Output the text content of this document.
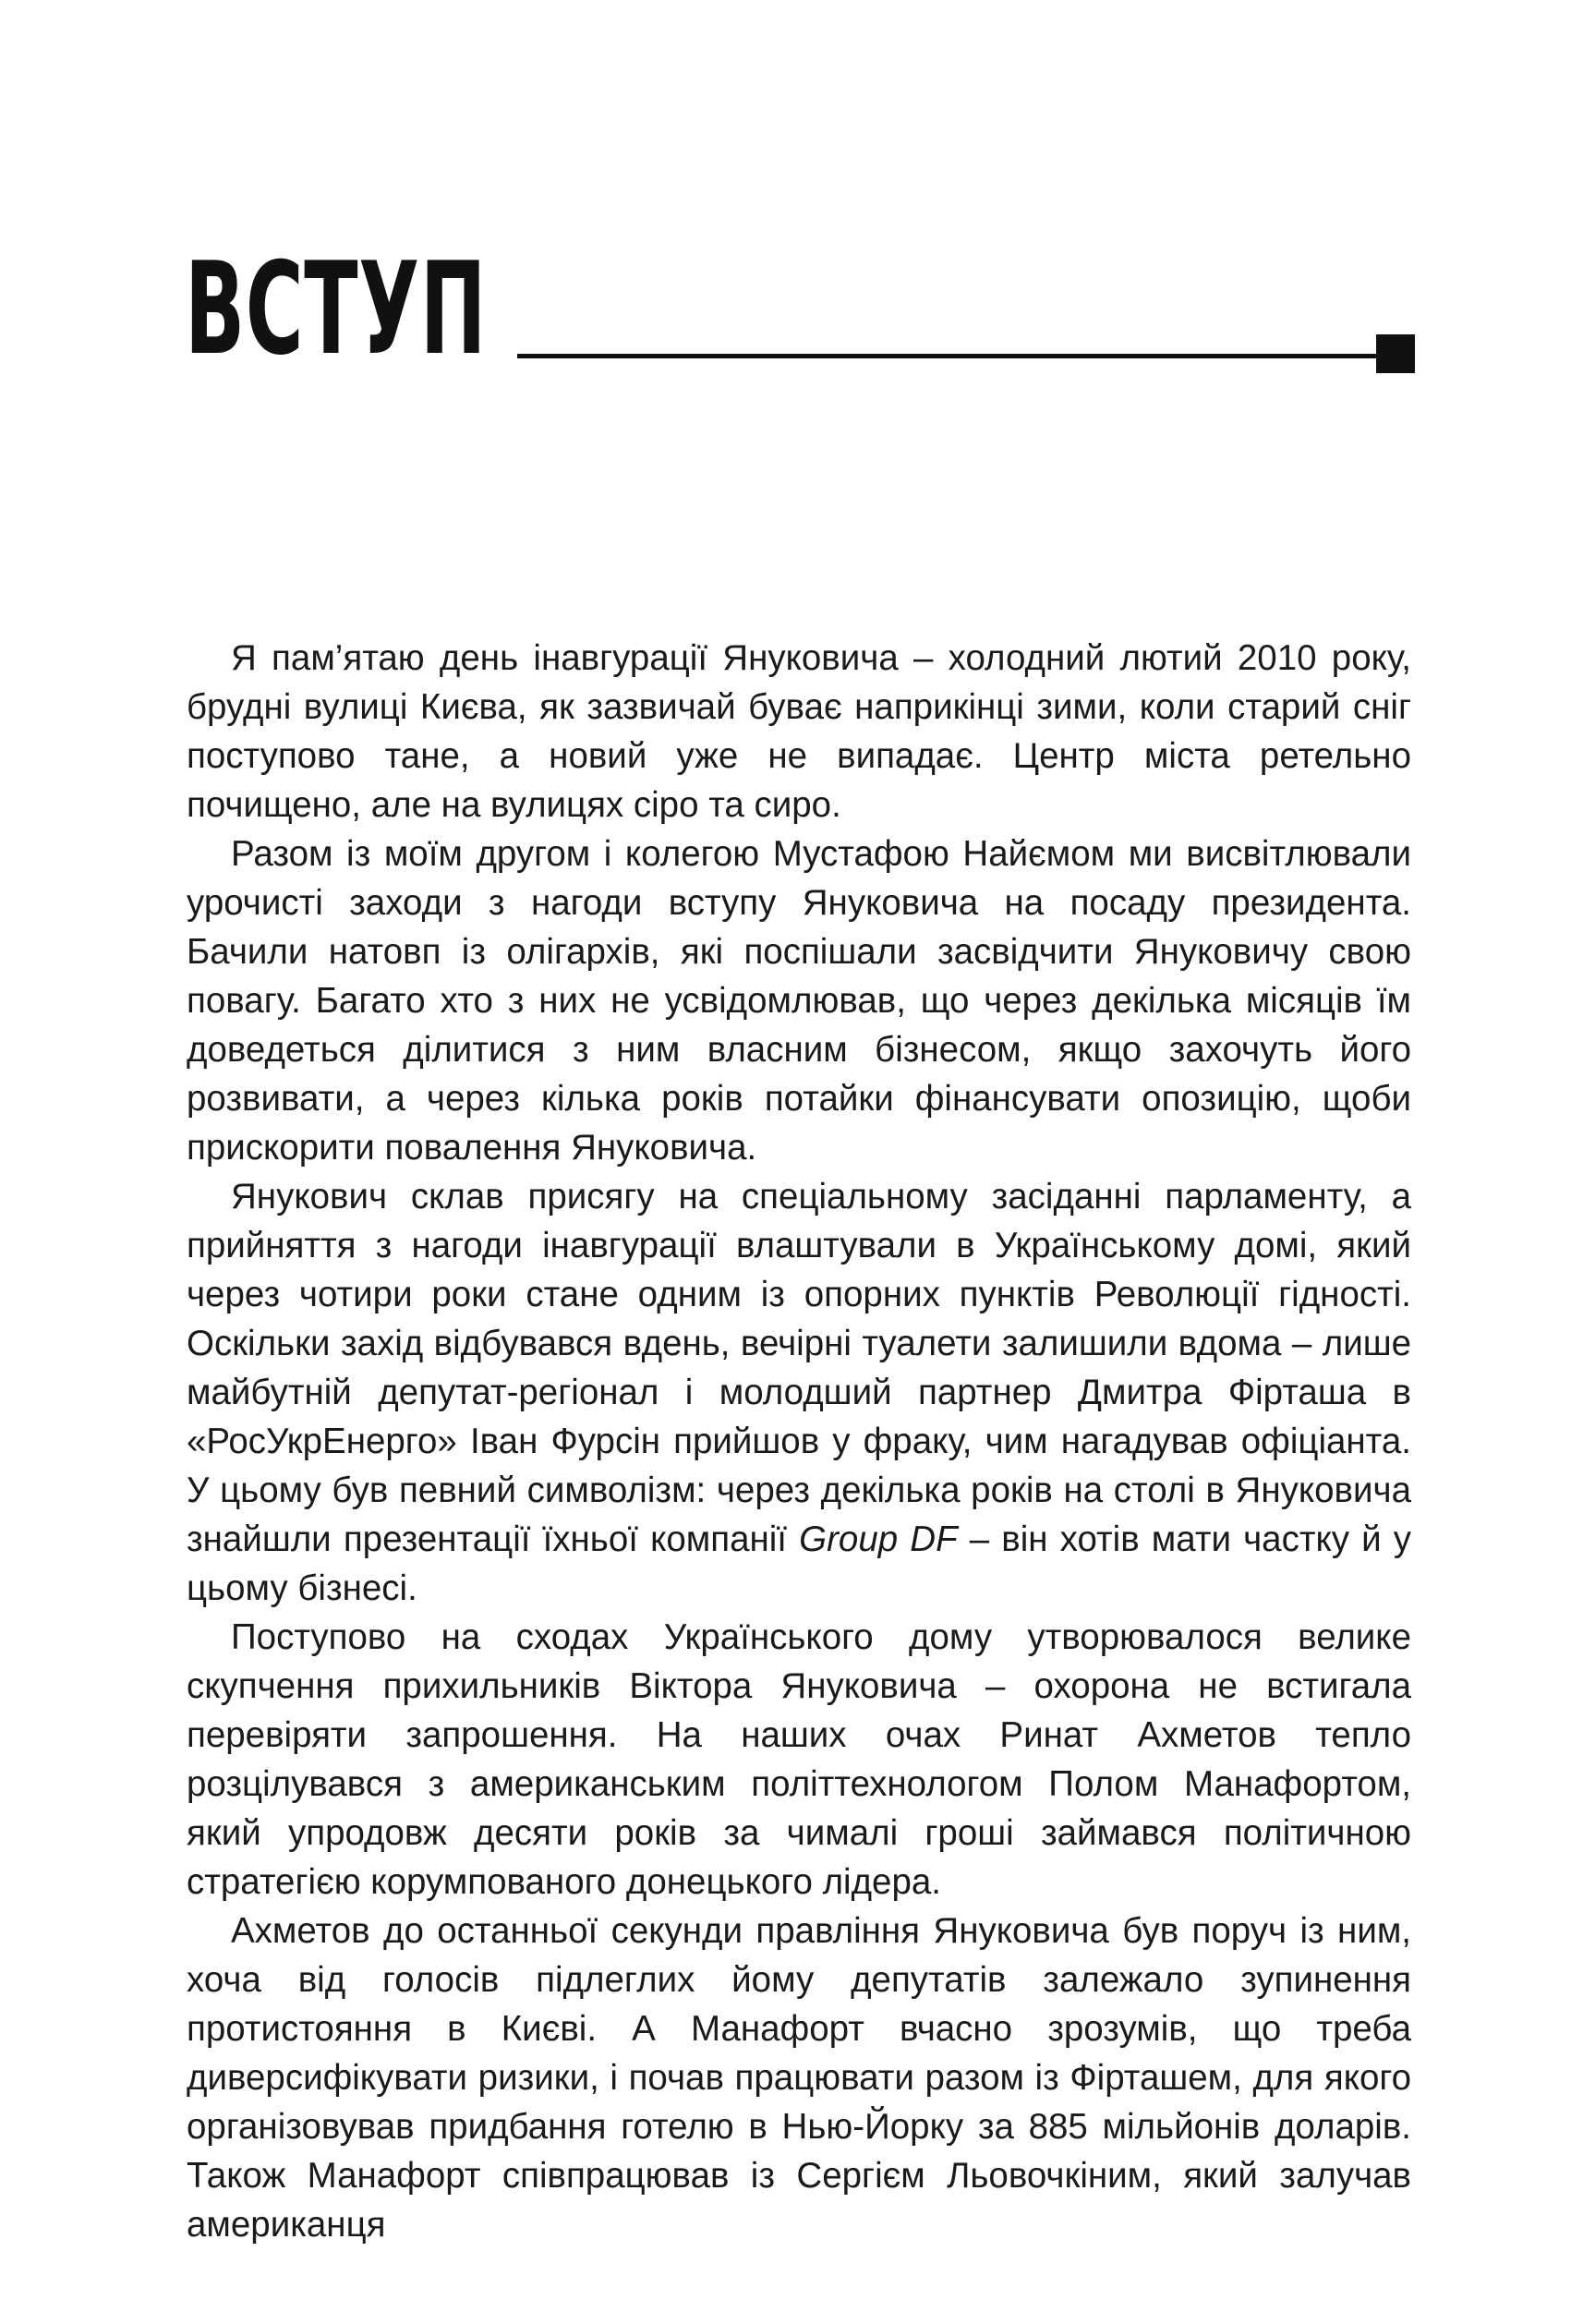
ВСТУП

Я пам’ятаю день інавгурації Януковича – холодний лютий 2010 року, брудні вулиці Києва, як зазвичай буває наприкінці зими, коли старий сніг поступово тане, а новий уже не випадає. Центр міста ретельно почищено, але на вулицях сіро та сиро.

Разом із моїм другом і колегою Мустафою Найємом ми висвітлювали урочисті заходи з нагоди вступу Януковича на посаду президента. Бачили натовп із олігархів, які поспішали засвідчити Януковичу свою повагу. Багато хто з них не усвідомлював, що через декілька місяців їм доведеться ділитися з ним власним бізнесом, якщо захочуть його розвивати, а через кілька років потайки фінансувати опозицію, щоби прискорити повалення Януковича.

Янукович склав присягу на спеціальному засіданні парламенту, а прийняття з нагоди інавгурації влаштували в Українському домі, який через чотири роки стане одним із опорних пунктів Революції гідності. Оскільки захід відбувався вдень, вечірні туалети залишили вдома – лише майбутній депутат-регіонал і молодший партнер Дмитра Фірташа в «РосУкрЕнерго» Іван Фурсін прийшов у фраку, чим нагадував офіціанта. У цьому був певний символізм: через декілька років на столі в Януковича знайшли презентації їхньої компанії Group DF – він хотів мати частку й у цьому бізнесі.

Поступово на сходах Українського дому утворювалося велике скупчення прихильників Віктора Януковича – охорона не встигала перевіряти запрошення. На наших очах Ринат Ахметов тепло розцілувався з американським політтехнологом Полом Манафортом, який упродовж десяти років за чималі гроші займався політичною стратегією корумпованого донецького лідера.

Ахметов до останньої секунди правління Януковича був поруч із ним, хоча від голосів підлеглих йому депутатів залежало зупинення протистояння в Києві. А Манафорт вчасно зрозумів, що треба диверсифікувати ризики, і почав працювати разом із Фірташем, для якого організовував придбання готелю в Нью-Йорку за 885 мільйонів доларів. Також Манафорт співпрацював із Сергієм Льовочкіним, який залучав американця
